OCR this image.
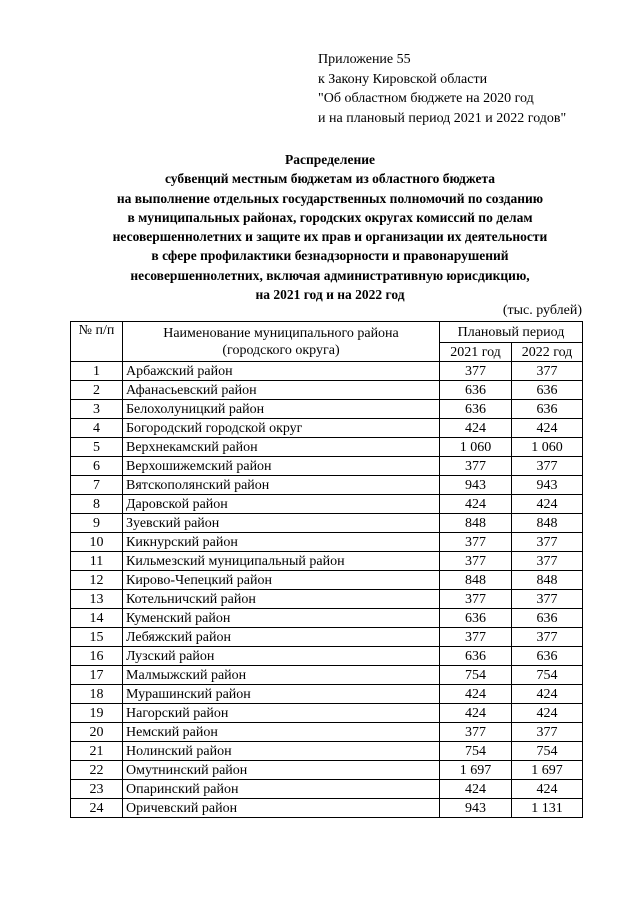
Приложение 55
к Закону Кировской области
"Об областном бюджете на 2020 год
и на плановый период 2021 и 2022 годов"
Распределение
субвенций местным бюджетам из областного бюджета
на выполнение отдельных государственных полномочий по созданию
в муниципальных районах, городских округах комиссий по делам
несовершеннолетних и защите их прав и организации их деятельности
в сфере профилактики безнадзорности и правонарушений
несовершеннолетних, включая административную юрисдикцию,
на 2021 год и на 2022 год
(тыс. рублей)
№ п/п	Наименование муниципального района
(городского округа)	Плановый период	
		2021 год	2022 год
1	Арбажский район	377	377
2	Афанасьевский район	636	636
3	Белохолуницкий район	636	636
4	Богородский городской округ	424	424
5	Верхнекамский район	1 060	1 060
6	Верхошижемский район	377	377
7	Вятскополянский район	943	943
8	Даровской район	424	424
9	Зуевский район	848	848
10	Кикнурский район	377	377
11	Кильмезский муниципальный район	377	377
12	Кирово-Чепецкий район	848	848
13	Котельничский район	377	377
14	Куменский район	636	636
15	Лебяжский район	377	377
16	Лузский район	636	636
17	Малмыжский район	754	754
18	Мурашинский район	424	424
19	Нагорский район	424	424
20	Немский район	377	377
21	Нолинский район	754	754
22	Омутнинский район	1 697	1 697
23	Опаринский район	424	424
24	Оричевский район	943	1 131
